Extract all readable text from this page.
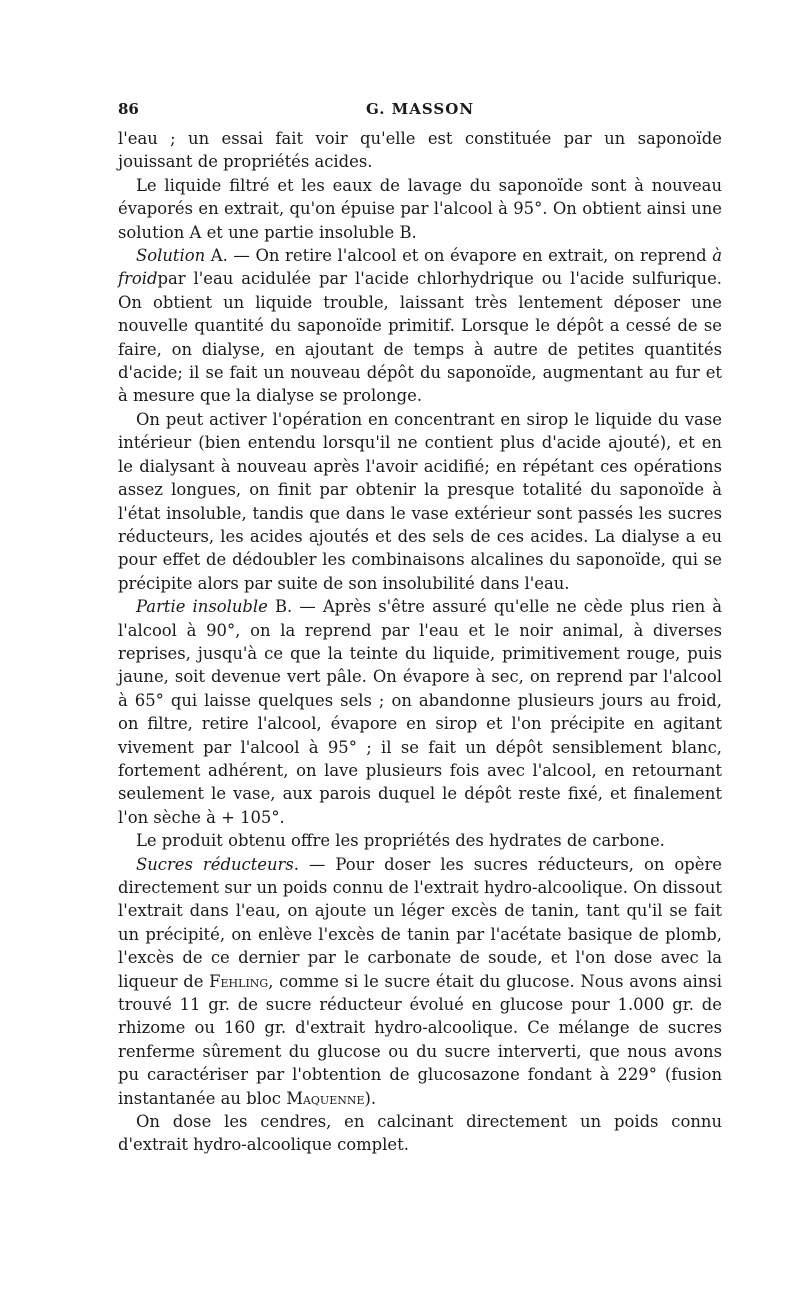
86	G. MASSON

l'eau ; un essai fait voir qu'elle est constituée par un saponoïde jouissant de propriétés acides.

Le liquide filtré et les eaux de lavage du saponoïde sont à nouveau évaporés en extrait, qu'on épuise par l'alcool à 95°. On obtient ainsi une solution A et une partie insoluble B.

Solution A. — On retire l'alcool et on évapore en extrait, on reprend à froidpar l'eau acidulée par l'acide chlorhydrique ou l'acide sulfurique. On obtient un liquide trouble, laissant très lentement déposer une nouvelle quantité du saponoïde primitif. Lorsque le dépôt a cessé de se faire, on dialyse, en ajoutant de temps à autre de petites quantités d'acide; il se fait un nouveau dépôt du saponoïde, augmentant au fur et à mesure que la dialyse se prolonge.

On peut activer l'opération en concentrant en sirop le liquide du vase intérieur (bien entendu lorsqu'il ne contient plus d'acide ajouté), et en le dialysant à nouveau après l'avoir acidifié; en répétant ces opérations assez longues, on finit par obtenir la presque totalité du saponoïde à l'état insoluble, tandis que dans le vase extérieur sont passés les sucres réducteurs, les acides ajoutés et des sels de ces acides. La dialyse a eu pour effet de dédoubler les combinaisons alcalines du saponoïde, qui se précipite alors par suite de son insolubilité dans l'eau.

Partie insoluble B. — Après s'être assuré qu'elle ne cède plus rien à l'alcool à 90°, on la reprend par l'eau et le noir animal, à diverses reprises, jusqu'à ce que la teinte du liquide, primitivement rouge, puis jaune, soit devenue vert pâle. On évapore à sec, on reprend par l'alcool à 65° qui laisse quelques sels ; on abandonne plusieurs jours au froid, on filtre, retire l'alcool, évapore en sirop et l'on précipite en agitant vivement par l'alcool à 95° ; il se fait un dépôt sensiblement blanc, fortement adhérent, on lave plusieurs fois avec l'alcool, en retournant seulement le vase, aux parois duquel le dépôt reste fixé, et finalement l'on sèche à + 105°.

Le produit obtenu offre les propriétés des hydrates de carbone.

Sucres réducteurs. — Pour doser les sucres réducteurs, on opère directement sur un poids connu de l'extrait hydro-alcoolique. On dissout l'extrait dans l'eau, on ajoute un léger excès de tanin, tant qu'il se fait un précipité, on enlève l'excès de tanin par l'acétate basique de plomb, l'excès de ce dernier par le carbonate de soude, et l'on dose avec la liqueur de Fehling, comme si le sucre était du glucose. Nous avons ainsi trouvé 11 gr. de sucre réducteur évolué en glucose pour 1.000 gr. de rhizome ou 160 gr. d'extrait hydro-alcoolique. Ce mélange de sucres renferme sûrement du glucose ou du sucre interverti, que nous avons pu caractériser par l'obtention de glucosazone fondant à 229° (fusion instantanée au bloc Maquenne).

On dose les cendres, en calcinant directement un poids connu d'extrait hydro-alcoolique complet.
